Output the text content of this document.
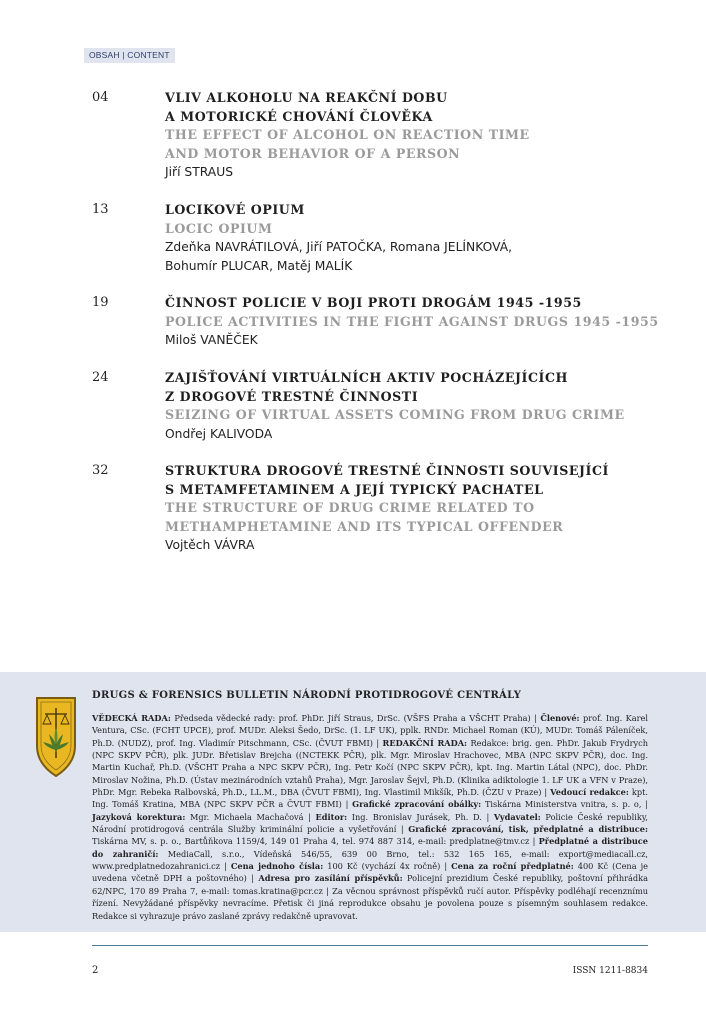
OBSAH | CONTENT
04	VLIV ALKOHOLU NA REAKČNÍ DOBU
A MOTORICKÉ CHOVÁNÍ ČLOVĚKA
THE EFFECT OF ALCOHOL ON REACTION TIME
AND MOTOR BEHAVIOR OF A PERSON
Jiří STRAUS
13	LOCIKOVÉ OPIUM
LOCIC OPIUM
Zdeňka NAVRÁTILOVÁ, Jiří PATOČKA, Romana JELÍNKOVÁ,
Bohumír PLUCAR, Matěj MALÍK
19	ČINNOST POLICIE V BOJI PROTI DROGÁM 1945 -1955
POLICE ACTIVITIES IN THE FIGHT AGAINST DRUGS 1945 -1955
Miloš VANĚČEK
24	ZAJIŠŤOVÁNÍ VIRTUÁLNÍCH AKTIV POCHÁZEJÍCÍCH
Z DROGOVÉ TRESTNÉ ČINNOSTI
SEIZING OF VIRTUAL ASSETS COMING FROM DRUG CRIME
Ondřej KALIVODA
32	STRUKTURA DROGOVÉ TRESTNÉ ČINNOSTI SOUVISEJÍCÍ
S METAMFETAMINEM A JEJÍ TYPICKÝ PACHATEL
THE STRUCTURE OF DRUG CRIME RELATED TO
METHAMPHETAMINE AND ITS TYPICAL OFFENDER
Vojtěch VÁVRA
DRUGS & FORENSICS BULLETIN NÁRODNÍ PROTIDROGOVÉ CENTRÁLY
VĚDECKÁ RADA: Předseda vědecké rady: prof. PhDr. Jiří Straus, DrSc. (VŠFS Praha a VŠCHT Praha) | Členové: prof. Ing. Karel Ventura, CSc. (FCHT UPCE), prof. MUDr. Aleksi Šedo, DrSc. (1. LF UK), pplk. RNDr. Michael Roman (KÚ), MUDr. Tomáš Páleníček, Ph.D. (NUDZ), prof. Ing. Vladimír Pitschmann, CSc. (ČVUT FBMI) | REDAKČNÍ RADA: Redakce: brig. gen. PhDr. Jakub Frydrych (NPC SKPV PČR), plk. JUDr. Břetislav Brejcha ((NCTEKK PČR), plk. Mgr. Miroslav Hrachovec, MBA (NPC SKPV PČR), doc. Ing. Martin Kuchař, Ph.D. (VŠCHT Praha a NPC SKPV PČR), Ing. Petr Kočí (NPC SKPV PČR), kpt. Ing. Martin Látal (NPC), doc. PhDr. Miroslav Nožina, Ph.D. (Ústav mezinárodních vztahů Praha), Mgr. Jaroslav Šejvl, Ph.D. (Klinika adiktologie 1. LF UK a VFN v Praze), PhDr. Mgr. Rebeka Ralbovská, Ph.D., LL.M., DBA (ČVUT FBMI), Ing. Vlastimil Mikšík, Ph.D. (ČZU v Praze) | Vedoucí redakce: kpt. Ing. Tomáš Kratina, MBA (NPC SKPV PČR a ČVUT FBMI) | Grafické zpracování obálky: Tiskárna Ministerstva vnitra, s. p. o, | Jazyková korektura: Mgr. Michaela Machačová | Editor: Ing. Bronislav Jurásek, Ph. D. | Vydavatel: Policie České republiky, Národní protidrogová centrála Služby kriminální policie a vyšetřování | Grafické zpracování, tisk, předplatné a distribuce: Tiskárna MV, s. p. o., Bartůňkova 1159/4, 149 01 Praha 4, tel. 974 887 314, e-mail: predplatne@tmv.cz | Předplatné a distribuce do zahraničí: MediaCall, s.r.o., Vídeňská 546/55, 639 00 Brno, tel.: 532 165 165, e-mail: export@mediacall.cz, www.predplatnedozahranici.cz | Cena jednoho čísla: 100 Kč (vychází 4x ročně) | Cena za roční předplatné: 400 Kč (Cena je uvedena včetně DPH a poštovného) | Adresa pro zasílání příspěvků: Policejní prezidium České republiky, poštovní přihrádka 62/NPC, 170 89 Praha 7, e-mail: tomas.kratina@pcr.cz | Za věcnou správnost příspěvků ručí autor. Příspěvky podléhají recenznímu řízení. Nevyžádané příspěvky nevracíme. Přetisk či jiná reprodukce obsahu je povolena pouze s písemným souhlasem redakce. Redakce si vyhrazuje právo zaslané zprávy redakčně upravovat.
2	ISSN 1211-8834
